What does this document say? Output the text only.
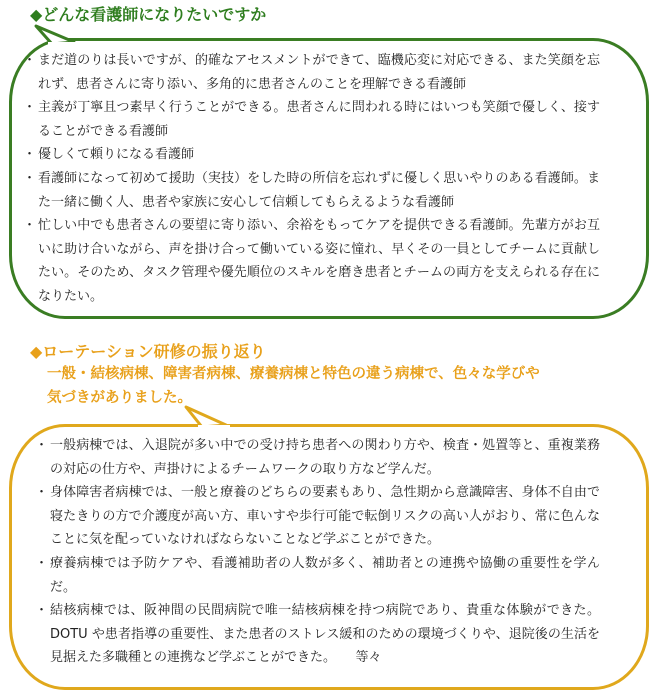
◆どんな看護師になりたいですか
・ まだ道のりは長いですが、的確なアセスメントができて、臨機応変に対応できる、また笑顔を忘れず、患者さんに寄り添い、多角的に患者さんのことを理解できる看護師
・ 主義が丁寧且つ素早く行うことができる。患者さんに問われる時にはいつも笑顔で優しく、接することができる看護師
・ 優しくて頼りになる看護師
・ 看護師になって初めて援助（実技）をした時の所信を忘れずに優しく思いやりのある看護師。また一緒に働く人、患者や家族に安心して信頼してもらえるような看護師
・ 忙しい中でも患者さんの要望に寄り添い、余裕をもってケアを提供できる看護師。先輩方がお互いに助け合いながら、声を掛け合って働いている姿に憧れ、早くその一員としてチームに貢献したい。そのため、タスク管理や優先順位のスキルを磨き患者とチームの両方を支えられる存在になりたい。
◆ローテーション研修の振り返り
一般・結核病棟、障害者病棟、療養病棟と特色の違う病棟で、色々な学びや
気づきがありました。
・ 一般病棟では、入退院が多い中での受け持ち患者への関わり方や、検査・処置等と、重複業務の対応の仕方や、声掛けによるチームワークの取り方など学んだ。
・ 身体障害者病棟では、一般と療養のどちらの要素もあり、急性期から意識障害、身体不自由で寝たきりの方で介護度が高い方、車いすや歩行可能で転倒リスクの高い人がおり、常に色んなことに気を配っていなければならないことなど学ぶことができた。
・ 療養病棟では予防ケアや、看護補助者の人数が多く、補助者との連携や協働の重要性を学んだ。
・ 結核病棟では、阪神間の民間病院で唯一結核病棟を持つ病院であり、貴重な体験ができた。DOTU や患者指導の重要性、また患者のストレス緩和のための環境づくりや、退院後の生活を見据えた多職種との連携など学ぶことができた。　　等々
